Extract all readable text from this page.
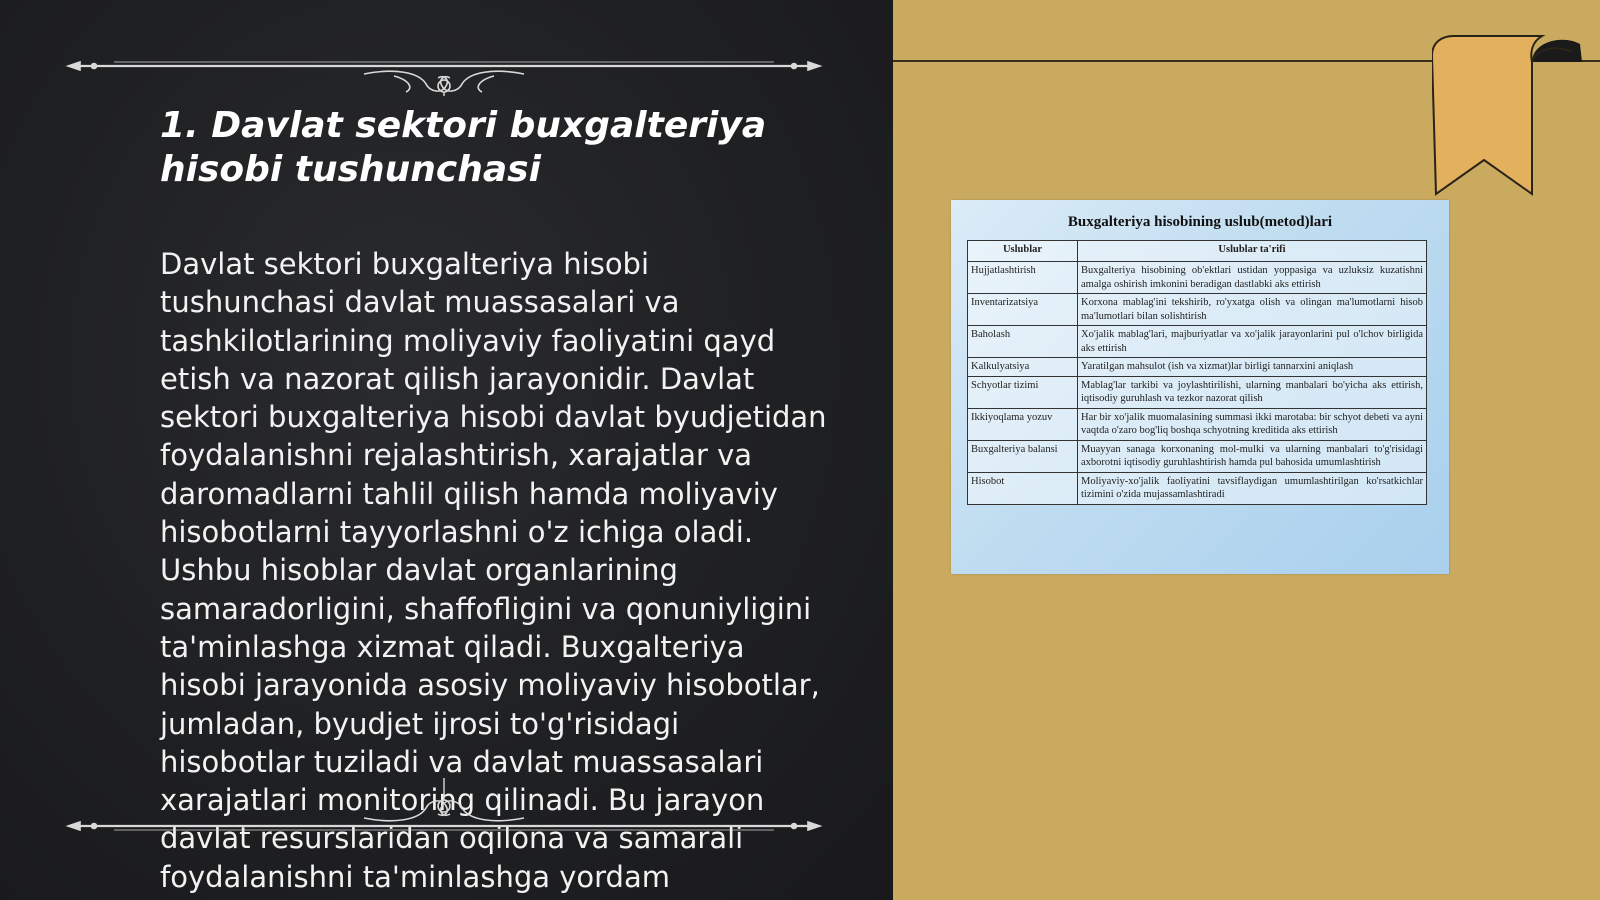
1. Davlat sektori buxgalteriya hisobi tushunchasi

Davlat sektori buxgalteriya hisobi tushunchasi davlat muassasalari va tashkilotlarining moliyaviy faoliyatini qayd etish va nazorat qilish jarayonidir. Davlat sektori buxgalteriya hisobi davlat byudjetidan foydalanishni rejalashtirish, xarajatlar va daromadlarni tahlil qilish hamda moliyaviy hisobotlarni tayyorlashni o'z ichiga oladi. Ushbu hisoblar davlat organlarining samaradorligini, shaffofligini va qonuniyligini ta'minlashga xizmat qiladi. Buxgalteriya hisobi jarayonida asosiy moliyaviy hisobotlar, jumladan, byudjet ijrosi to'g'risidagi hisobotlar tuziladi va davlat muassasalari xarajatlari monitoring qilinadi. Bu jarayon davlat resurslaridan oqilona va samarali foydalanishni ta'minlashga yordam

Buxgalteriya hisobining uslub(metod)lari
Uslublar	Uslublar ta'rifi
Hujjatlashtirish	Buxgalteriya hisobining ob'ektlari ustidan yoppasiga va uzluksiz kuzatishni amalga oshirish imkonini beradigan dastlabki aks ettirish
Inventarizatsiya	Korxona mablag'ini tekshirib, ro'yxatga olish va olingan ma'lumotlarni hisob ma'lumotlari bilan solishtirish
Baholash	Xo'jalik mablag'lari, majburiyatlar va xo'jalik jarayonlarini pul o'lchov birligida aks ettirish
Kalkulyatsiya	Yaratilgan mahsulot (ish va xizmat)lar birligi tannarxini aniqlash
Schyotlar tizimi	Mablag'lar tarkibi va joylashtirilishi, ularning manbalari bo'yicha aks ettirish, iqtisodiy guruhlash va tezkor nazorat qilish
Ikkiyoqlama yozuv	Har bir xo'jalik muomalasining summasi ikki marotaba: bir schyot debeti va ayni vaqtda o'zaro bog'liq boshqa schyotning kreditida aks ettirish
Buxgalteriya balansi	Muayyan sanaga korxonaning mol-mulki va ularning manbalari to'g'risidagi axborotni iqtisodiy guruhlashtirish hamda pul bahosida umumlashtirish
Hisobot	Moliyaviy-xo'jalik faoliyatini tavsiflaydigan umumlashtirilgan ko'rsatkichlar tizimini o'zida mujassamlashtiradi
